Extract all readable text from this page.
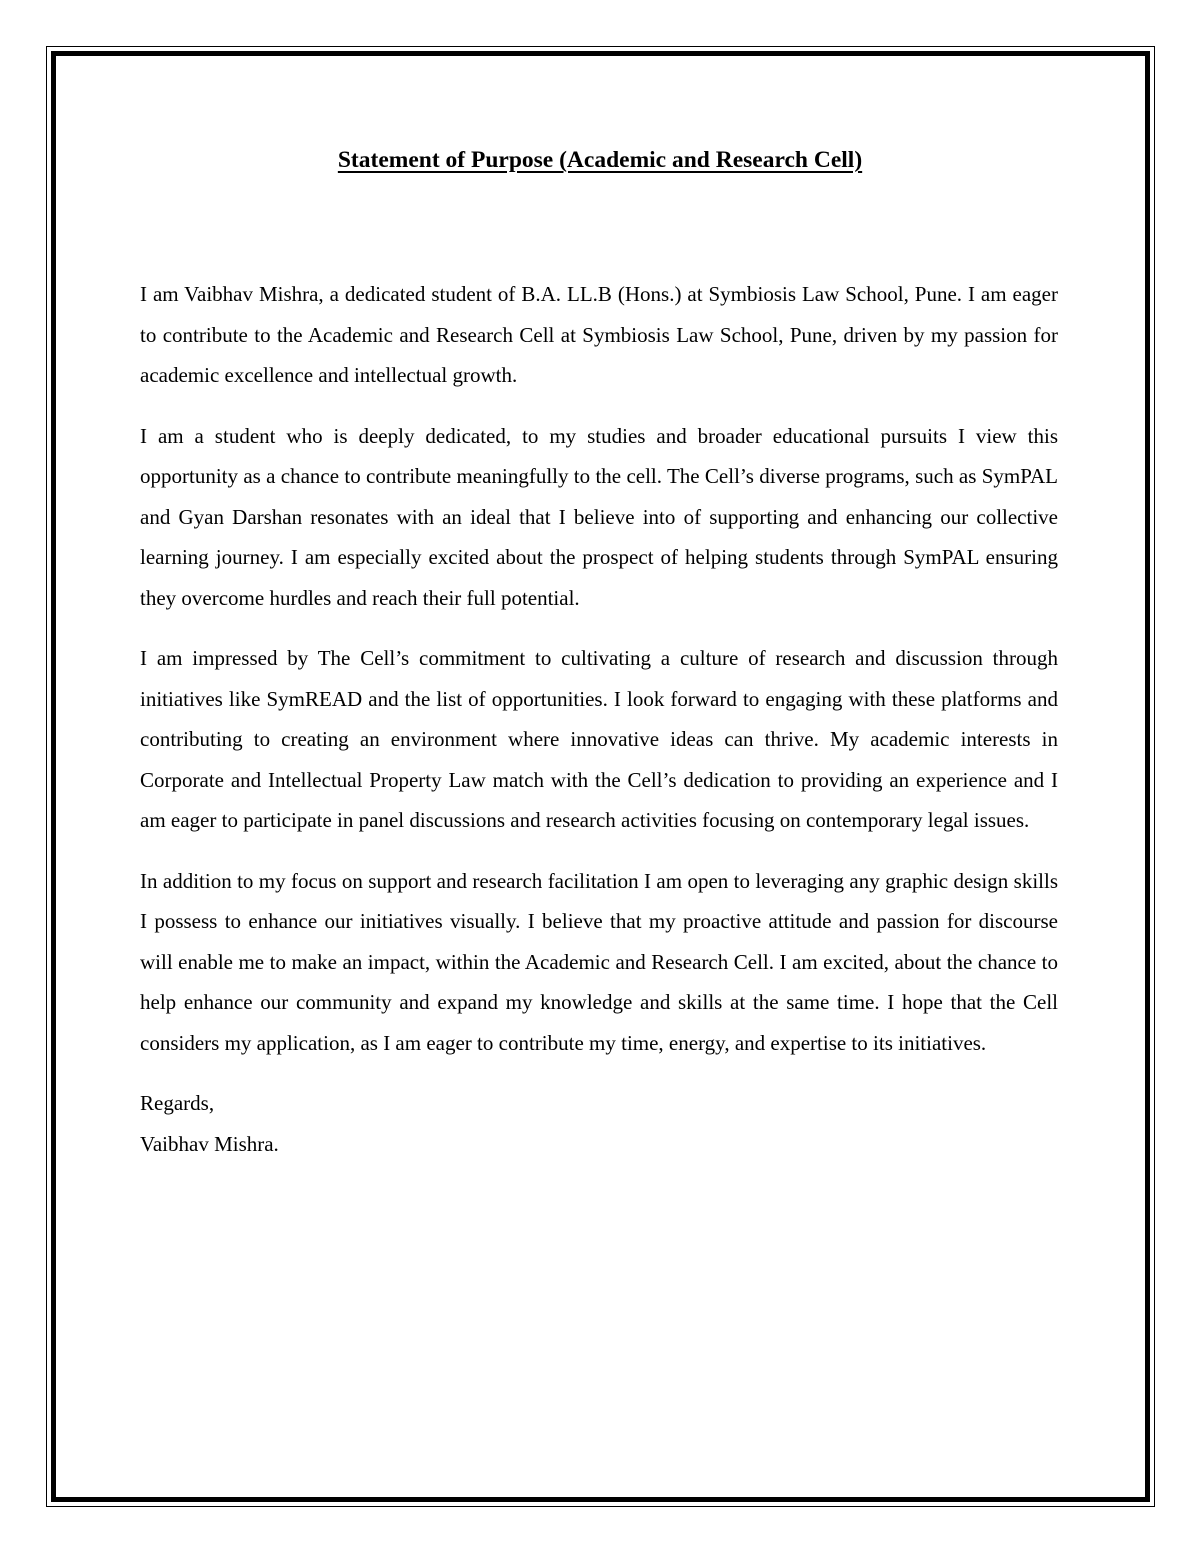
Statement of Purpose (Academic and Research Cell)

I am Vaibhav Mishra, a dedicated student of B.A. LL.B (Hons.) at Symbiosis Law School, Pune. I am eager to contribute to the Academic and Research Cell at Symbiosis Law School, Pune, driven by my passion for academic excellence and intellectual growth.

I am a student who is deeply dedicated, to my studies and broader educational pursuits I view this opportunity as a chance to contribute meaningfully to the cell. The Cell’s diverse programs, such as SymPAL and Gyan Darshan resonates with an ideal that I believe into of supporting and enhancing our collective learning journey. I am especially excited about the prospect of helping students through SymPAL ensuring they overcome hurdles and reach their full potential.

I am impressed by The Cell’s commitment to cultivating a culture of research and discussion through initiatives like SymREAD and the list of opportunities. I look forward to engaging with these platforms and contributing to creating an environment where innovative ideas can thrive. My academic interests in Corporate and Intellectual Property Law match with the Cell’s dedication to providing an experience and I am eager to participate in panel discussions and research activities focusing on contemporary legal issues.

In addition to my focus on support and research facilitation I am open to leveraging any graphic design skills I possess to enhance our initiatives visually. I believe that my proactive attitude and passion for discourse will enable me to make an impact, within the Academic and Research Cell. I am excited, about the chance to help enhance our community and expand my knowledge and skills at the same time. I hope that the Cell considers my application, as I am eager to contribute my time, energy, and expertise to its initiatives.

Regards,

Vaibhav Mishra.
